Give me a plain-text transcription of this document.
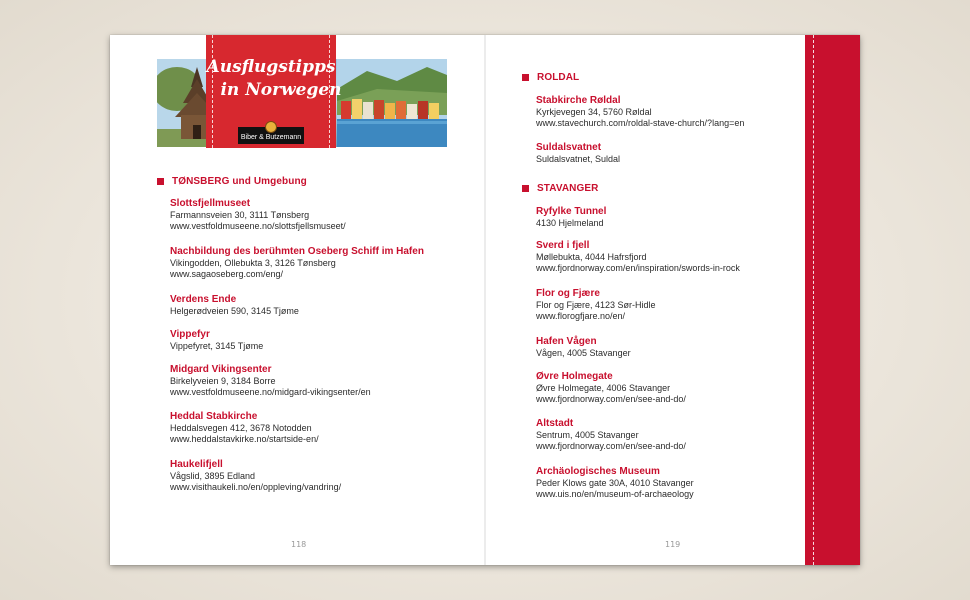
Ausflugstipps
in Norwegen
Biber & Butzemann
TØNSBERG und Umgebung
Slottsfjellmuseet
Farmannsveien 30, 3111 Tønsberg
www.vestfoldmuseene.no/slottsfjellsmuseet/
Nachbildung des berühmten Oseberg Schiff im Hafen
Vikingodden, Ollebukta 3, 3126 Tønsberg
www.sagaoseberg.com/eng/
Verdens Ende
Helgerødveien 590, 3145 Tjøme
Vippefyr
Vippefyret, 3145 Tjøme
Midgard Vikingsenter
Birkelyveien 9, 3184 Borre
www.vestfoldmuseene.no/midgard-vikingsenter/en
Heddal Stabkirche
Heddalsvegen 412, 3678 Notodden
www.heddalstavkirke.no/startside-en/
Haukelifjell
Vågslid, 3895 Edland
www.visithaukeli.no/en/oppleving/vandring/
118
ROLDAL
Stabkirche Røldal
Kyrkjevegen 34, 5760 Røldal
www.stavechurch.com/roldal-stave-church/?lang=en
Suldalsvatnet
Suldalsvatnet, Suldal
STAVANGER
Ryfylke Tunnel
4130 Hjelmeland
Sverd i fjell
Møllebukta, 4044 Hafrsfjord
www.fjordnorway.com/en/inspiration/swords-in-rock
Flor og Fjære
Flor og Fjære, 4123 Sør-Hidle
www.florogfjare.no/en/
Hafen Vågen
Vågen, 4005 Stavanger
Øvre Holmegate
Øvre Holmegate, 4006 Stavanger
www.fjordnorway.com/en/see-and-do/
Altstadt
Sentrum, 4005 Stavanger
www.fjordnorway.com/en/see-and-do/
Archäologisches Museum
Peder Klows gate 30A, 4010 Stavanger
www.uis.no/en/museum-of-archaeology
119
